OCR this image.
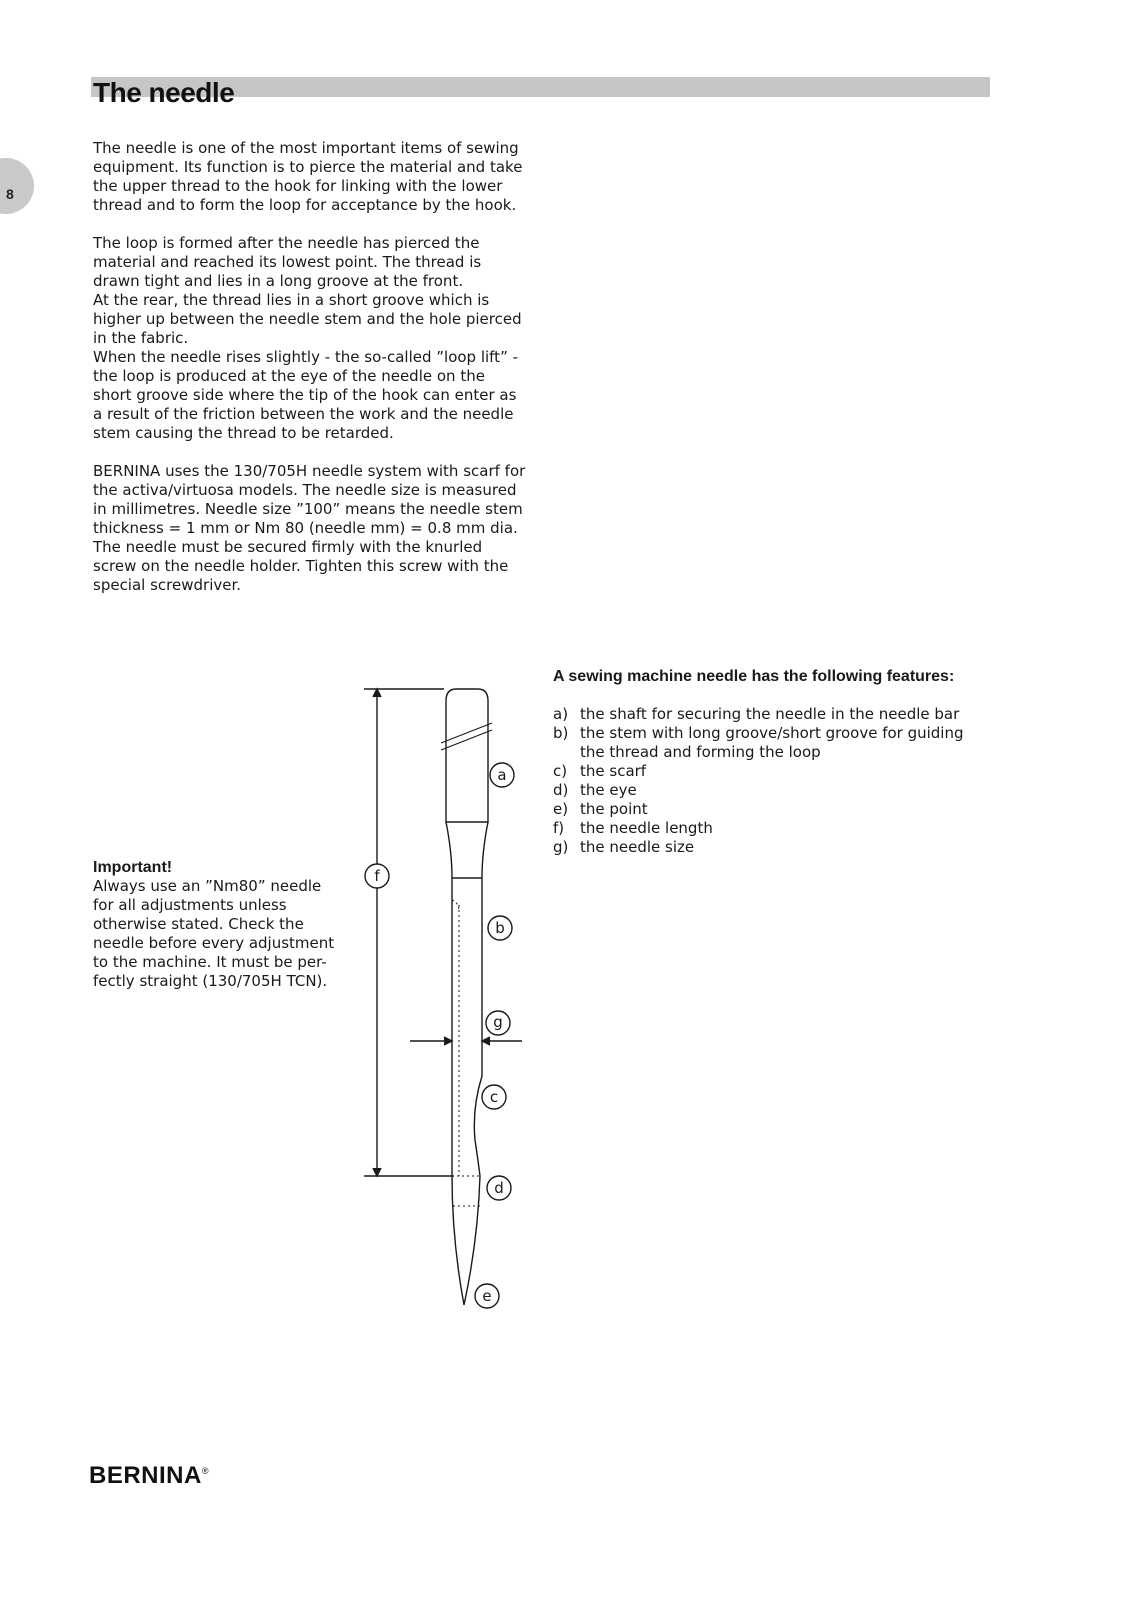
The needle
8

The needle is one of the most important items of sewing
equipment. Its function is to pierce the material and take
the upper thread to the hook for linking with the lower
thread and to form the loop for acceptance by the hook.

The loop is formed after the needle has pierced the
material and reached its lowest point. The thread is
drawn tight and lies in a long groove at the front.
At the rear, the thread lies in a short groove which is
higher up between the needle stem and the hole pierced
in the fabric.
When the needle rises slightly - the so-called ”loop lift” -
the loop is produced at the eye of the needle on the
short groove side where the tip of the hook can enter as
a result of the friction between the work and the needle
stem causing the thread to be retarded.

BERNINA uses the 130/705H needle system with scarf for
the activa/virtuosa models. The needle size is measured
in millimetres. Needle size ”100” means the needle stem
thickness = 1 mm or Nm 80 (needle mm) = 0.8 mm dia.
The needle must be secured firmly with the knurled
screw on the needle holder. Tighten this screw with the
special screwdriver.

Important!
Always use an ”Nm80” needle
for all adjustments unless
otherwise stated. Check the
needle before every adjustment
to the machine. It must be per-
fectly straight (130/705H TCN).
A sewing machine needle has the following features:
a) the shaft for securing the needle in the needle bar
b) the stem with long groove/short groove for guiding
the thread and forming the loop
c) the scarf
d) the eye
e) the point
f)	the needle length
g) the needle size
a
f
b
g
c
d
e
BERNINA®
